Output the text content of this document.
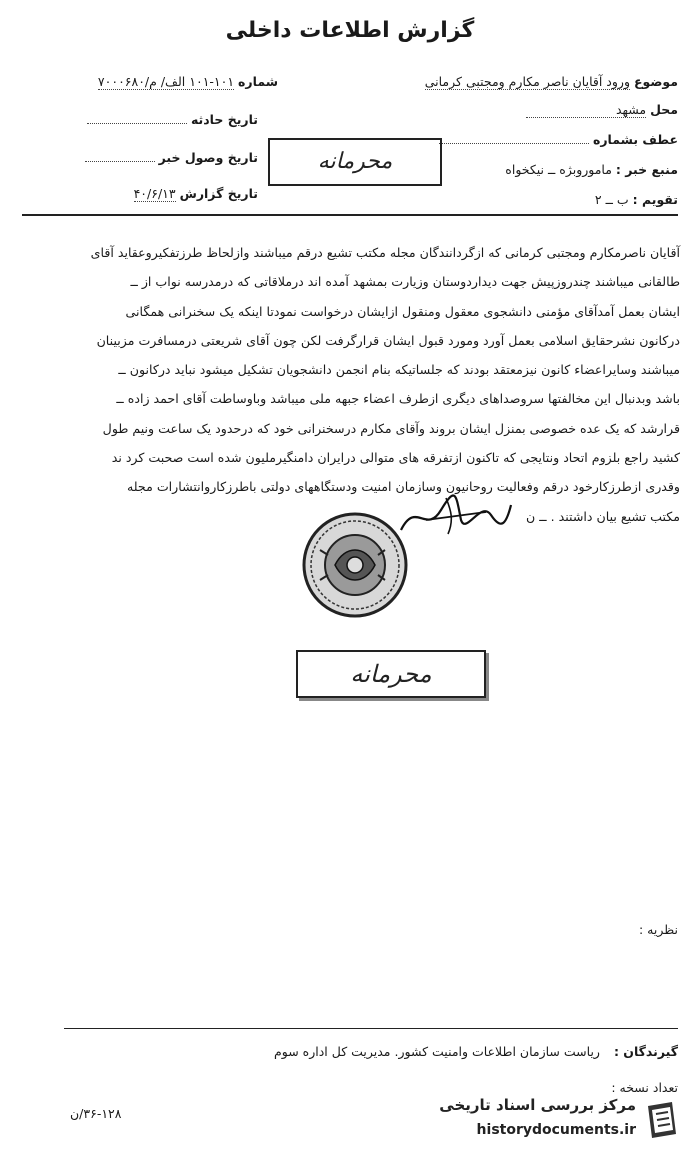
گزارش اطلاعات داخلی
موضوع ورود آقایان ناصر مکارم ومجتبی کرمانی
محل مشهد
عطف بشماره
منبع خبر : ماموروبژه ــ نیکخواه
تقویم : ب ــ ۲
شماره ۱۰۱-۱۰۱ الف/ م/۷۰۰۰۶۸۰
تاریخ حادثه
تاریخ وصول خبر
تاریخ گزارش ۴۰/۶/۱۳
محرمانه
آقایان ناصرمکارم ومجتبی کرمانی که ازگردانندگان مجله مکتب تشیع درقم میباشند وازلحاظ طرزتفکیروعقاید آقای
طالقانی میباشند چندروزپیش جهت دیداردوستان وزیارت بمشهد آمده اند درملاقاتی که درمدرسه نواب از ــ
ایشان بعمل آمدآقای مؤمنی دانشجوی معقول ومنقول ازایشان درخواست نمودتا اینکه یک سخنرانی همگانی
درکانون نشرحقایق اسلامی بعمل آورد ومورد قبول ایشان قرارگرفت لکن چون آقای شریعتی درمسافرت مزبینان
میباشند وسایراعضاء کانون نیزمعتقد بودند که جلساتیکه بنام انجمن دانشجویان تشکیل میشود نباید درکانون ــ
باشد وبدنبال این مخالفتها سروصداهای دیگری ازطرف اعضاء جبهه ملی میباشد وباوساطت آقای احمد زاده ــ
قرارشد که یک عده خصوصی بمنزل ایشان بروند وآقای مکارم درسخنرانی خود که درحدود یک ساعت ونیم طول
کشید راجع بلزوم اتحاد ونتایجی که تاکنون ازتفرقه های متوالی درایران دامنگیرملیون شده است صحبت کرد ند
وقدری ازطرزکارخود درقم وفعالیت روحانیون وسازمان امنیت ودستگاههای دولتی باطرزکاروانتشارات مجله
مکتب تشیع بیان داشتند . ــ ن
محرمانه
نظریه :
گیرندگان : ریاست سازمان اطلاعات وامنیت کشور. مدیریت کل اداره سوم
تعداد نسخه :
۳۶-۱۲۸/ن	مرکز بررسی اسناد تاریخی
historydocuments.ir
